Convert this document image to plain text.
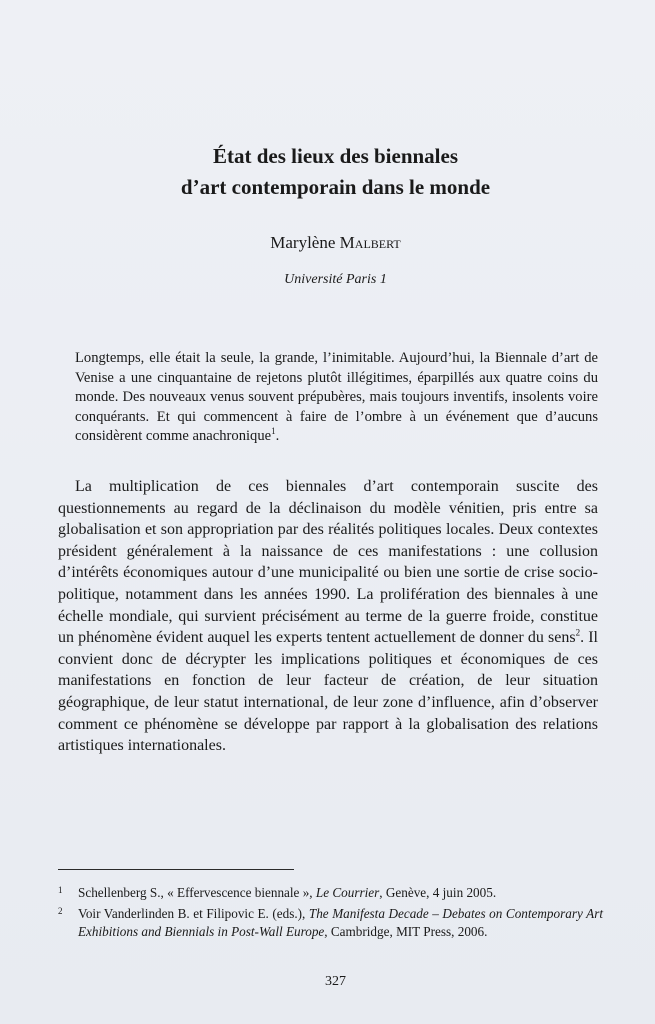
État des lieux des biennales
d’art contemporain dans le monde
Marylène Malbert
Université Paris 1

Longtemps, elle était la seule, la grande, l’inimitable. Aujourd’hui, la Biennale d’art de Venise a une cinquantaine de rejetons plutôt illégitimes, éparpillés aux quatre coins du monde. Des nouveaux venus souvent prépubères, mais toujours inventifs, insolents voire conquérants. Et qui commencent à faire de l’ombre à un événement que d’aucuns considèrent comme anachronique$^1$.

La multiplication de ces biennales d’art contemporain suscite des questionnements au regard de la déclinaison du modèle vénitien, pris entre sa globalisation et son appropriation par des réalités politiques locales. Deux contextes président généralement à la naissance de ces manifestations : une collusion d’intérêts économiques autour d’une municipalité ou bien une sortie de crise socio-politique, notamment dans les années 1990. La prolifération des biennales à une échelle mondiale, qui survient précisément au terme de la guerre froide, constitue un phénomène évident auquel les experts tentent actuellement de donner du sens$^2$. Il convient donc de décrypter les implications politiques et économiques de ces manifestations en fonction de leur facteur de création, de leur situation géographique, de leur statut international, de leur zone d’influence, afin d’observer comment ce phénomène se développe par rapport à la globalisation des relations artistiques internationales.

1	Schellenberg S., « Effervescence biennale », Le Courrier, Genève, 4 juin 2005.
2	Voir Vanderlinden B. et Filipovic E. (eds.), The Manifesta Decade – Debates on Contemporary Art Exhibitions and Biennials in Post-Wall Europe, Cambridge, MIT Press, 2006.
327
